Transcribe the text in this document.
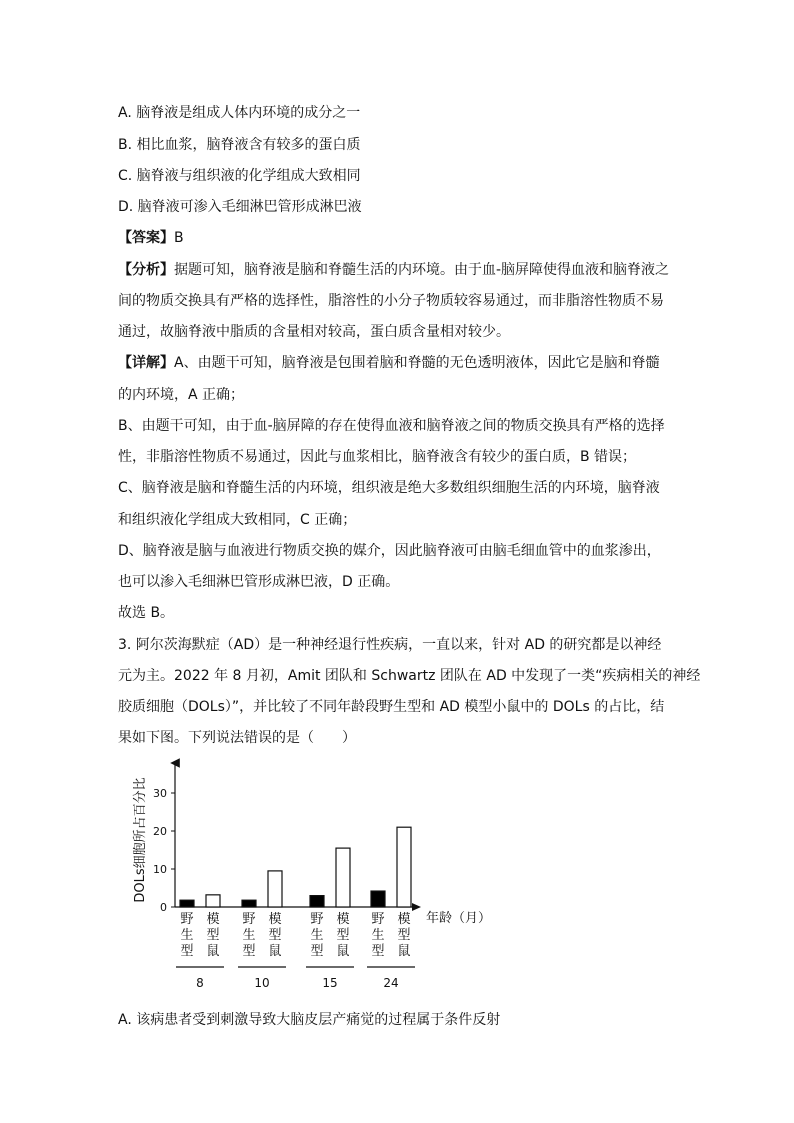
A. 脑脊液是组成人体内环境的成分之一
B. 相比血浆，脑脊液含有较多的蛋白质
C. 脑脊液与组织液的化学组成大致相同
D. 脑脊液可渗入毛细淋巴管形成淋巴液
【答案】B
【分析】据题可知，脑脊液是脑和脊髓生活的内环境。由于血-脑屏障使得血液和脑脊液之
间的物质交换具有严格的选择性，脂溶性的小分子物质较容易通过，而非脂溶性物质不易
通过，故脑脊液中脂质的含量相对较高，蛋白质含量相对较少。
【详解】A、由题干可知，脑脊液是包围着脑和脊髓的无色透明液体，因此它是脑和脊髓
的内环境，A 正确；
B、由题干可知，由于血-脑屏障的存在使得血液和脑脊液之间的物质交换具有严格的选择
性，非脂溶性物质不易通过，因此与血浆相比，脑脊液含有较少的蛋白质，B 错误；
C、脑脊液是脑和脊髓生活的内环境，组织液是绝大多数组织细胞生活的内环境，脑脊液
和组织液化学组成大致相同，C 正确；
D、脑脊液是脑与血液进行物质交换的媒介，因此脑脊液可由脑毛细血管中的血浆渗出，
也可以渗入毛细淋巴管形成淋巴液，D 正确。
故选 B。
3. 阿尔茨海默症（AD）是一种神经退行性疾病，一直以来，针对 AD 的研究都是以神经
元为主。2022 年 8 月初，Amit 团队和 Schwartz 团队在 AD 中发现了一类“疾病相关的神经
胶质细胞（DOLs）”，并比较了不同年龄段野生型和 AD 模型小鼠中的 DOLs 的占比，结
果如下图。下列说法错误的是（　　）
DOLs细胞所占百分比
年龄（月）
0
10
20
30
野
生
型
模
型
鼠
8
野
生
型
模
型
鼠
10
野
生
型
模
型
鼠
15
野
生
型
模
型
鼠
24
A. 该病患者受到刺激导致大脑皮层产痛觉的过程属于条件反射
